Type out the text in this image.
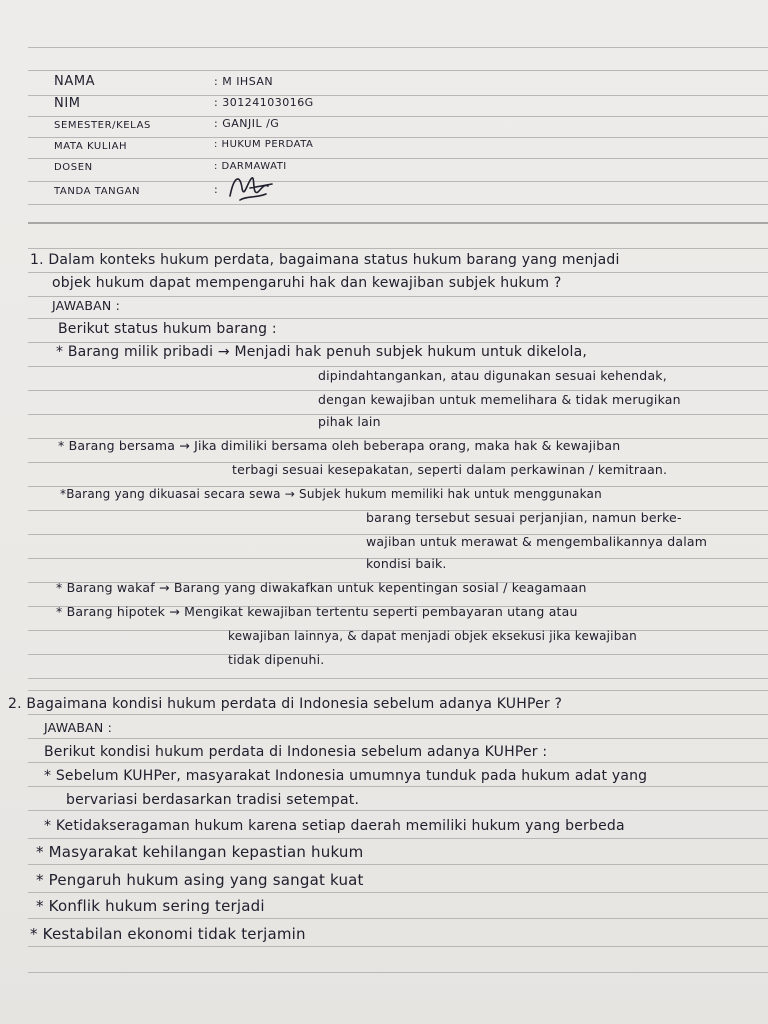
NAMA	: M IHSAN
NIM	: 30124103016G
SEMESTER/KELAS	: GANJIL /G
MATA KULIAH	: HUKUM PERDATA
DOSEN	: DARMAWATI
TANDA TANGAN	:
1. Dalam konteks hukum perdata, bagaimana status hukum barang yang menjadi
objek hukum dapat mempengaruhi hak dan kewajiban subjek hukum ?
JAWABAN :
Berikut status hukum barang :
* Barang milik pribadi → Menjadi hak penuh subjek hukum untuk dikelola,
dipindahtangankan, atau digunakan sesuai kehendak,
dengan kewajiban untuk memelihara & tidak merugikan
pihak lain
* Barang bersama → Jika dimiliki bersama oleh beberapa orang, maka hak & kewajiban
terbagi sesuai kesepakatan, seperti dalam perkawinan / kemitraan.
*Barang yang dikuasai secara sewa → Subjek hukum memiliki hak untuk menggunakan
barang tersebut sesuai perjanjian, namun berke-
wajiban untuk merawat & mengembalikannya dalam
kondisi baik.
* Barang wakaf → Barang yang diwakafkan untuk kepentingan sosial / keagamaan
* Barang hipotek → Mengikat kewajiban tertentu seperti pembayaran utang atau
kewajiban lainnya, & dapat menjadi objek eksekusi jika kewajiban
tidak dipenuhi.
2. Bagaimana kondisi hukum perdata di Indonesia sebelum adanya KUHPer ?
JAWABAN :
Berikut kondisi hukum perdata di Indonesia sebelum adanya KUHPer :
* Sebelum KUHPer, masyarakat Indonesia umumnya tunduk pada hukum adat yang
bervariasi berdasarkan tradisi setempat.
* Ketidakseragaman hukum karena setiap daerah memiliki hukum yang berbeda
* Masyarakat kehilangan kepastian hukum
* Pengaruh hukum asing yang sangat kuat
* Konflik hukum sering terjadi
* Kestabilan ekonomi tidak terjamin
